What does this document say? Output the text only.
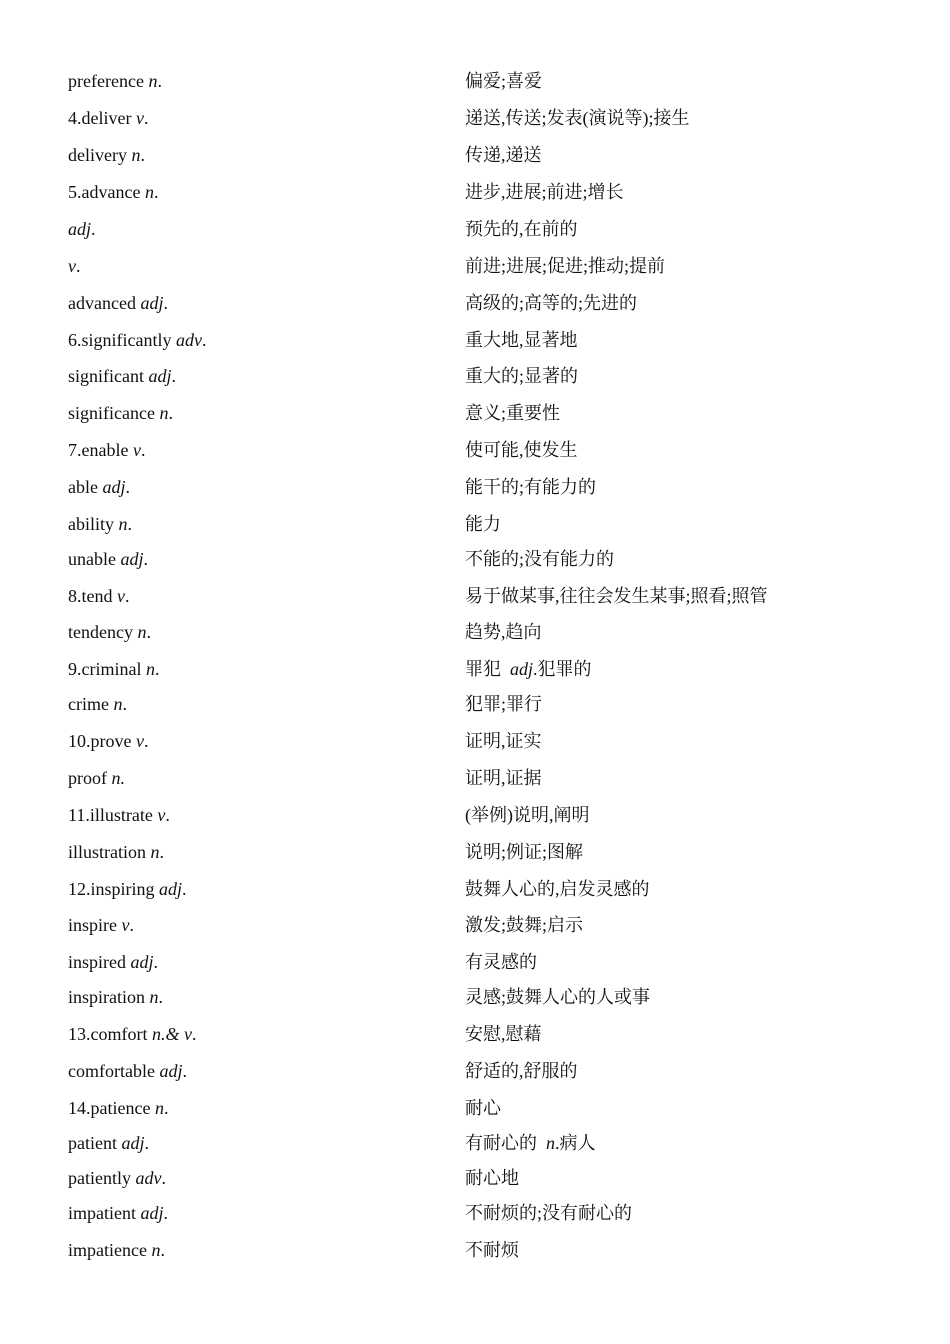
preference n.	偏爱;喜爱
4.deliver v.	递送,传送;发表(演说等);接生
delivery n.	传递,递送
5.advance n.	进步,进展;前进;增长
adj.	预先的,在前的
v.	前进;进展;促进;推动;提前
advanced adj.	高级的;高等的;先进的
6.significantly adv.	重大地,显著地
significant adj.	重大的;显著的
significance n.	意义;重要性
7.enable v.	使可能,使发生
able adj.	能干的;有能力的
ability n.	能力
unable adj.	不能的;没有能力的
8.tend v.	易于做某事,往往会发生某事;照看;照管
tendency n.	趋势,趋向
9.criminal n.	罪犯  adj.犯罪的
crime n.	犯罪;罪行
10.prove v.	证明,证实
proof n.	证明,证据
11.illustrate v.	(举例)说明,阐明
illustration n.	说明;例证;图解
12.inspiring adj.	鼓舞人心的,启发灵感的
inspire v.	激发;鼓舞;启示
inspired adj.	有灵感的
inspiration n.	灵感;鼓舞人心的人或事
13.comfort n.& v.	安慰,慰藉
comfortable adj.	舒适的,舒服的
14.patience n.	耐心
patient adj.	有耐心的  n.病人
patiently adv.	耐心地
impatient adj.	不耐烦的;没有耐心的
impatience n.	不耐烦
